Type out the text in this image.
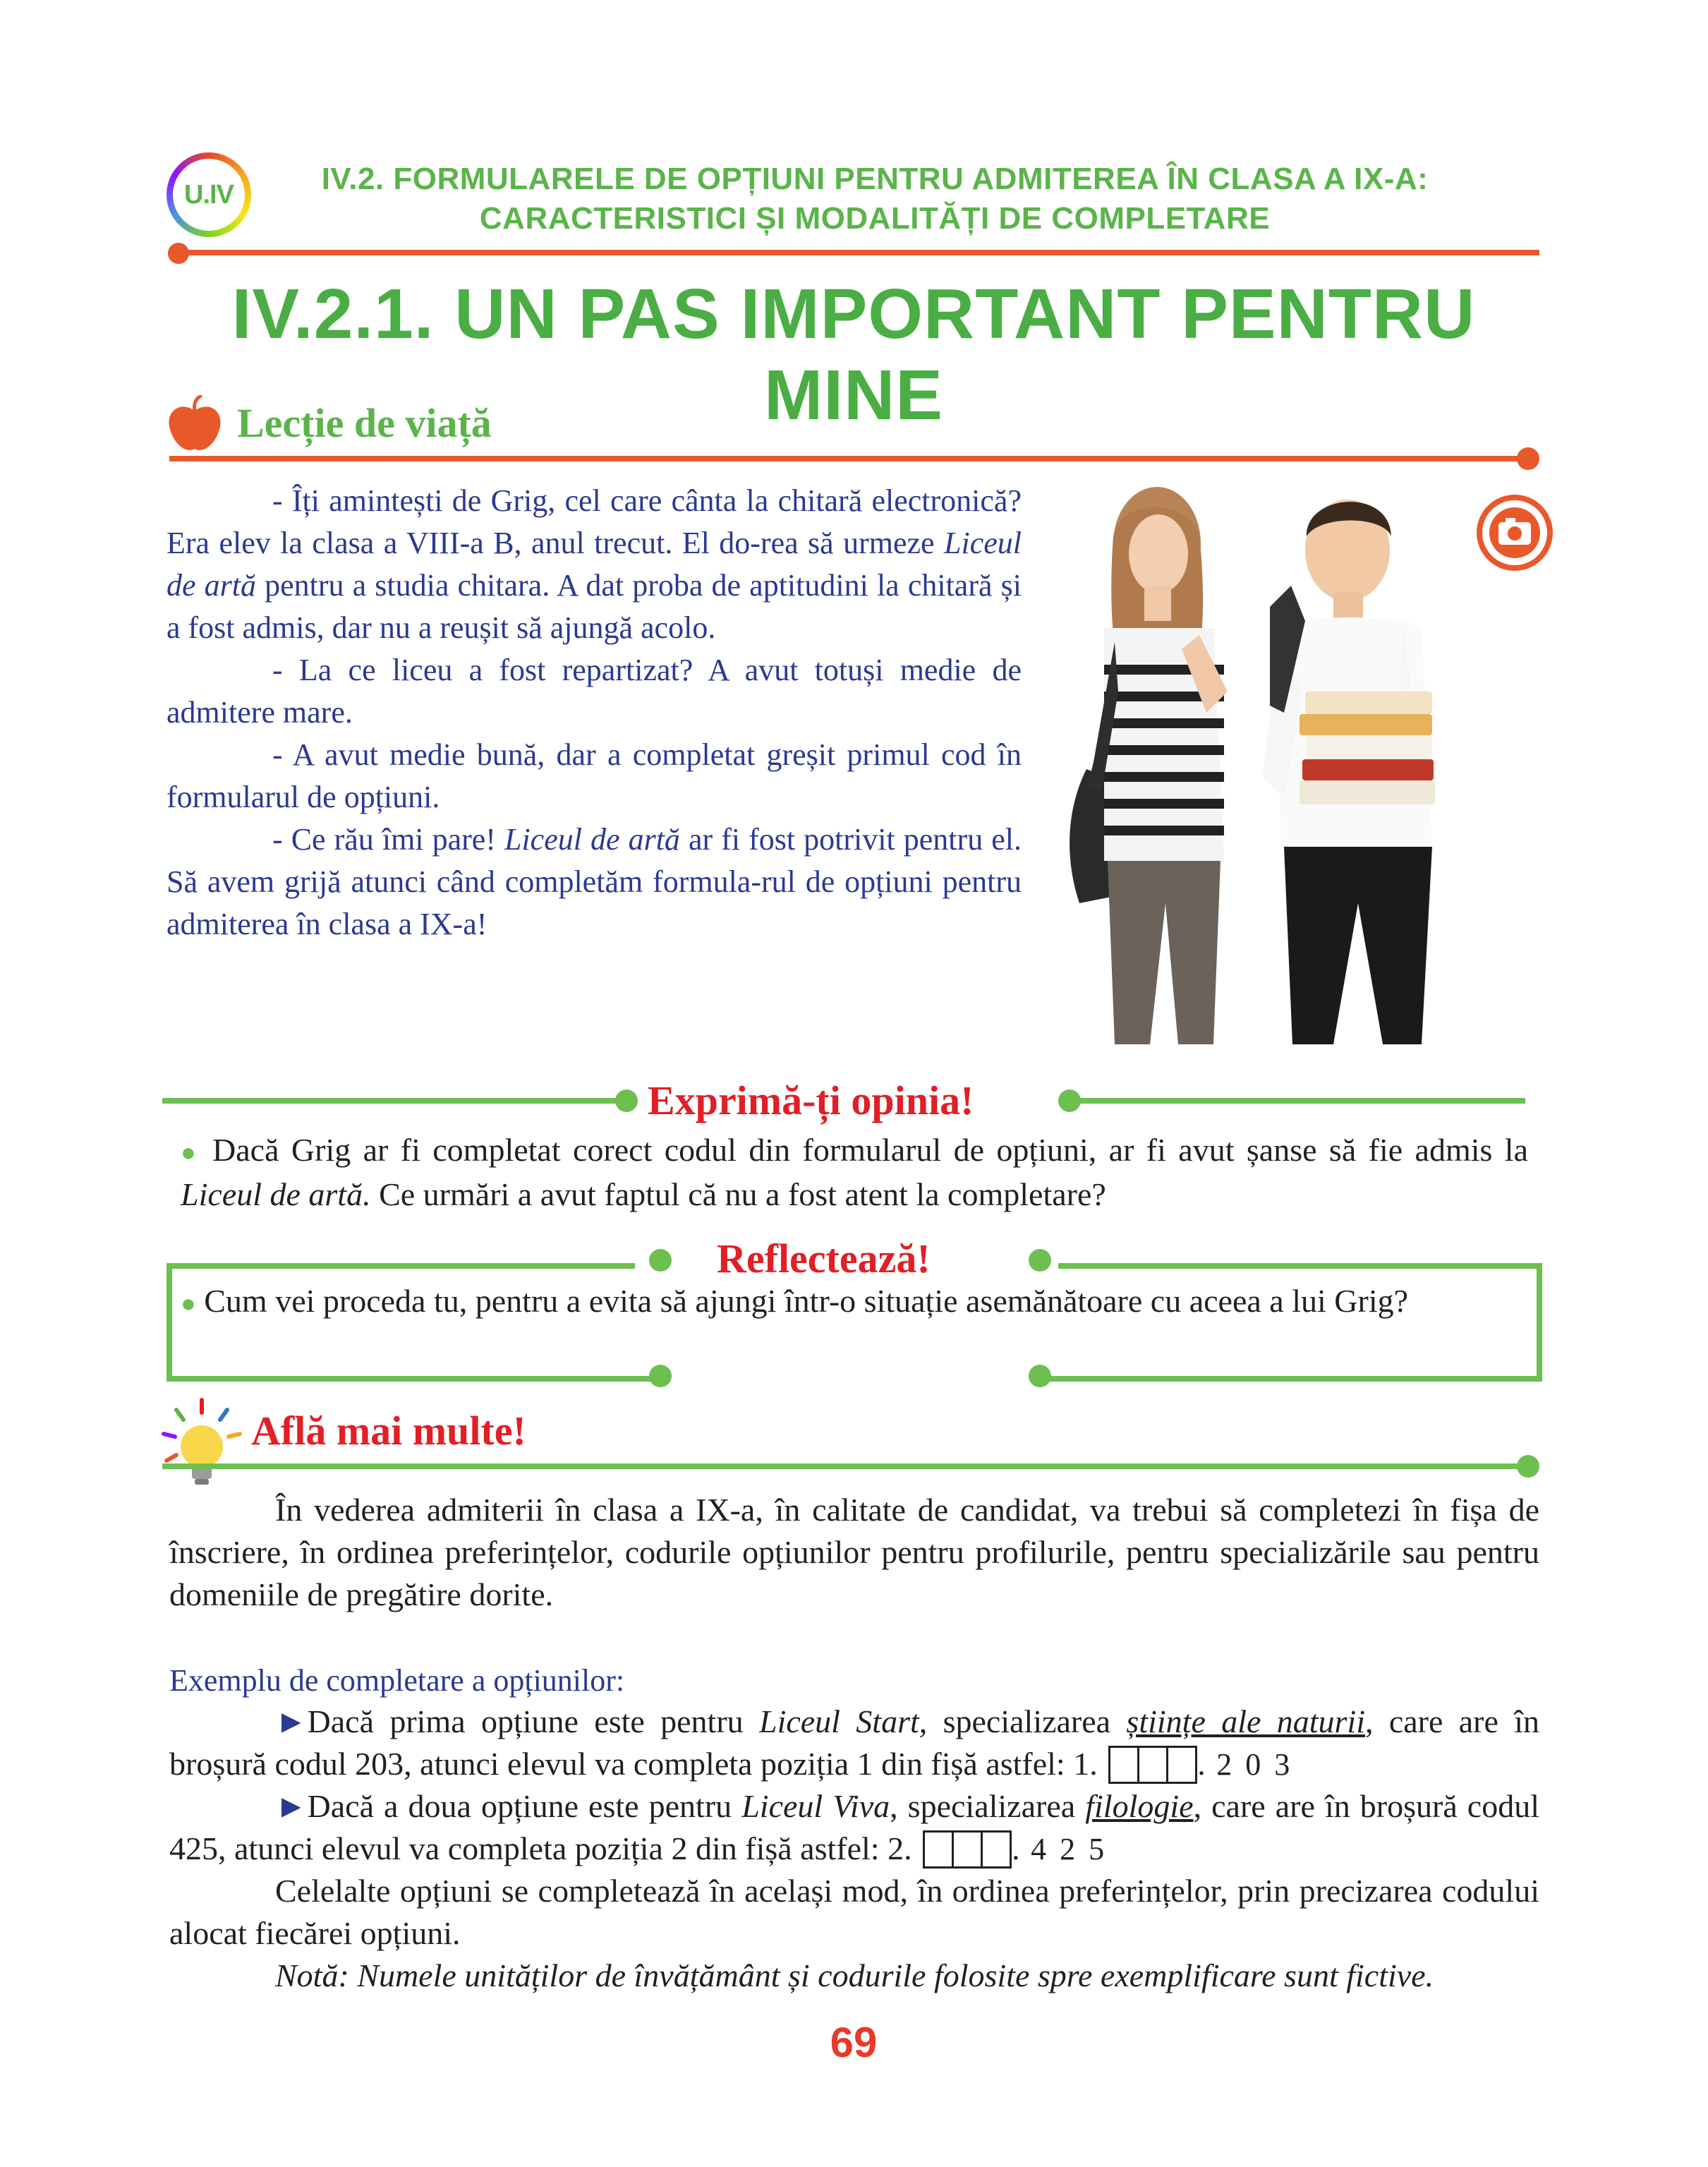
U.IV	IV.2. FORMULARELE DE OPȚIUNI PENTRU ADMITEREA ÎN CLASA A IX-A:
CARACTERISTICI ȘI MODALITĂȚI DE COMPLETARE
IV.2.1. UN PAS IMPORTANT PENTRU MINE
Lecție de viață

- Îți amintești de Grig, cel care cânta la chitară electronică? Era elev la clasa a VIII-a B, anul trecut. El do-rea să urmeze Liceul de artă pentru a studia chitara. A dat proba de aptitudini la chitară și a fost admis, dar nu a reușit să ajungă acolo.

- La ce liceu a fost repartizat? A avut totuși medie de admitere mare.

- A avut medie bună, dar a completat greșit primul cod în formularul de opțiuni.

- Ce rău îmi pare! Liceul de artă ar fi fost potrivit pentru el. Să avem grijă atunci când completăm formula-rul de opțiuni pentru admiterea în clasa a IX-a!

Exprimă-ți opinia!
● Dacă Grig ar fi completat corect codul din formularul de opțiuni, ar fi avut șanse să fie admis la Liceul de artă. Ce urmări a avut faptul că nu a fost atent la completare?
Reflectează!
● Cum vei proceda tu, pentru a evita să ajungi într-o situație asemănătoare cu aceea a lui Grig?
Află mai multe!
În vederea admiterii în clasa a IX-a, în calitate de candidat, va trebui să completezi în fișa de înscriere, în ordinea preferințelor, codurile opțiunilor pentru profilurile, pentru specializările sau pentru domeniile de pregătire dorite.
Exemplu de completare a opțiunilor:
►Dacă prima opțiune este pentru Liceul Start, specializarea științe ale naturii, care are în broșură codul 203, atunci elevul va completa poziția 1 din fișă astfel: 1.	2 0 3.
►Dacă a doua opțiune este pentru Liceul Viva, specializarea filologie, care are în broșură codul 425, atunci elevul va completa poziția 2 din fișă astfel: 2.	4 2 5.
Celelalte opțiuni se completează în același mod, în ordinea preferințelor, prin precizarea codului alocat fiecărei opțiuni.
Notă: Numele unităților de învățământ și codurile folosite spre exemplificare sunt fictive.
69
